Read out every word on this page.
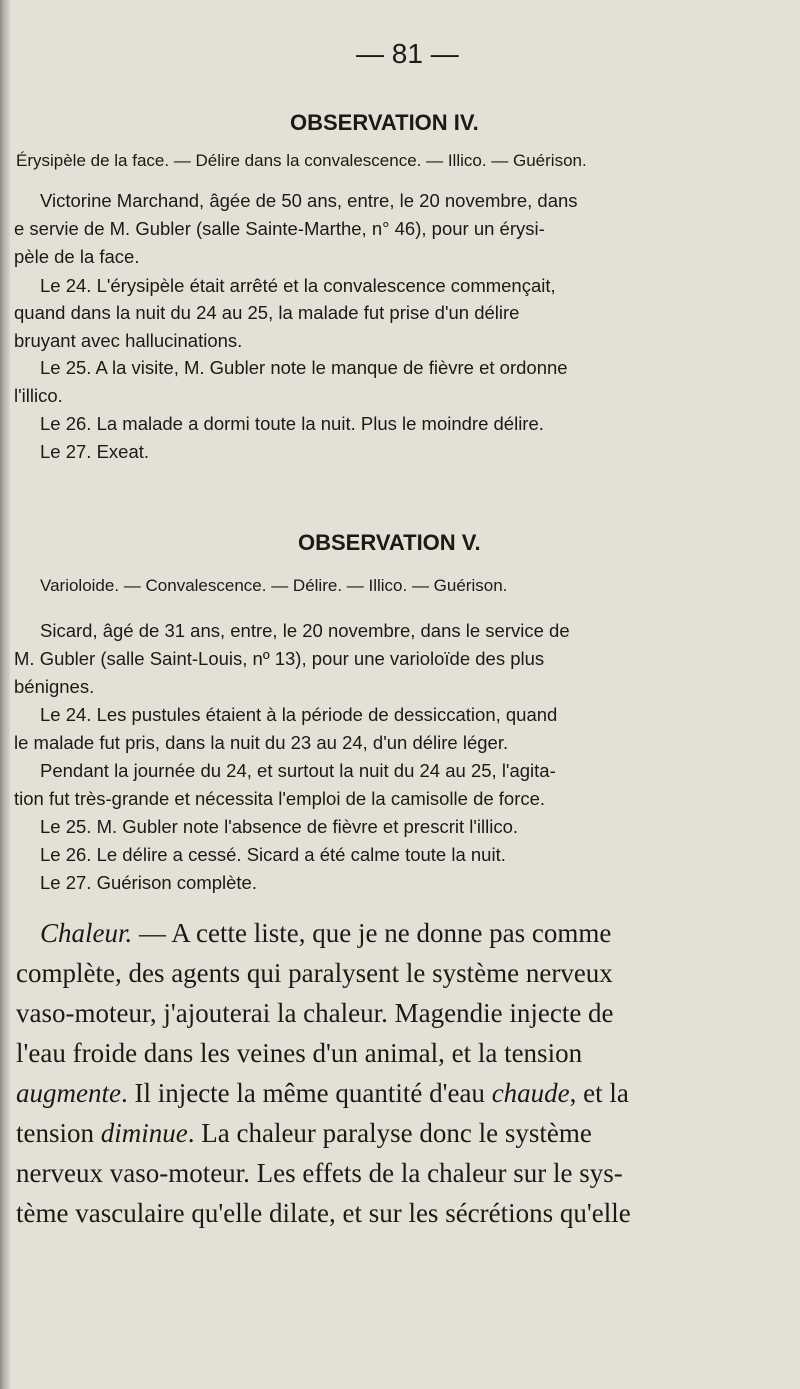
— 81 —
OBSERVATION IV.
Érysipèle de la face. — Délire dans la convalescence. — Illico. — Guérison.
Victorine Marchand, âgée de 50 ans, entre, le 20 novembre, dans
e servie de M. Gubler (salle Sainte-Marthe, n° 46), pour un érysi-
pèle de la face.
Le 24. L'érysipèle était arrêté et la convalescence commençait,
quand dans la nuit du 24 au 25, la malade fut prise d'un délire
bruyant avec hallucinations.
Le 25. A la visite, M. Gubler note le manque de fièvre et ordonne
l'illico.
Le 26. La malade a dormi toute la nuit. Plus le moindre délire.
Le 27. Exeat.
OBSERVATION V.
Varioloide. — Convalescence. — Délire. — Illico. — Guérison.
Sicard, âgé de 31 ans, entre, le 20 novembre, dans le service de
M. Gubler (salle Saint-Louis, nº 13), pour une varioloïde des plus
bénignes.
Le 24. Les pustules étaient à la période de dessiccation, quand
le malade fut pris, dans la nuit du 23 au 24, d'un délire léger.
Pendant la journée du 24, et surtout la nuit du 24 au 25, l'agita-
tion fut très-grande et nécessita l'emploi de la camisolle de force.
Le 25. M. Gubler note l'absence de fièvre et prescrit l'illico.
Le 26. Le délire a cessé. Sicard a été calme toute la nuit.
Le 27. Guérison complète.
Chaleur. — A cette liste, que je ne donne pas comme
complète, des agents qui paralysent le système nerveux
vaso-moteur, j'ajouterai la chaleur. Magendie injecte de
l'eau froide dans les veines d'un animal, et la tension
augmente. Il injecte la même quantité d'eau chaude, et la
tension diminue. La chaleur paralyse donc le système
nerveux vaso-moteur. Les effets de la chaleur sur le sys-
tème vasculaire qu'elle dilate, et sur les sécrétions qu'elle
